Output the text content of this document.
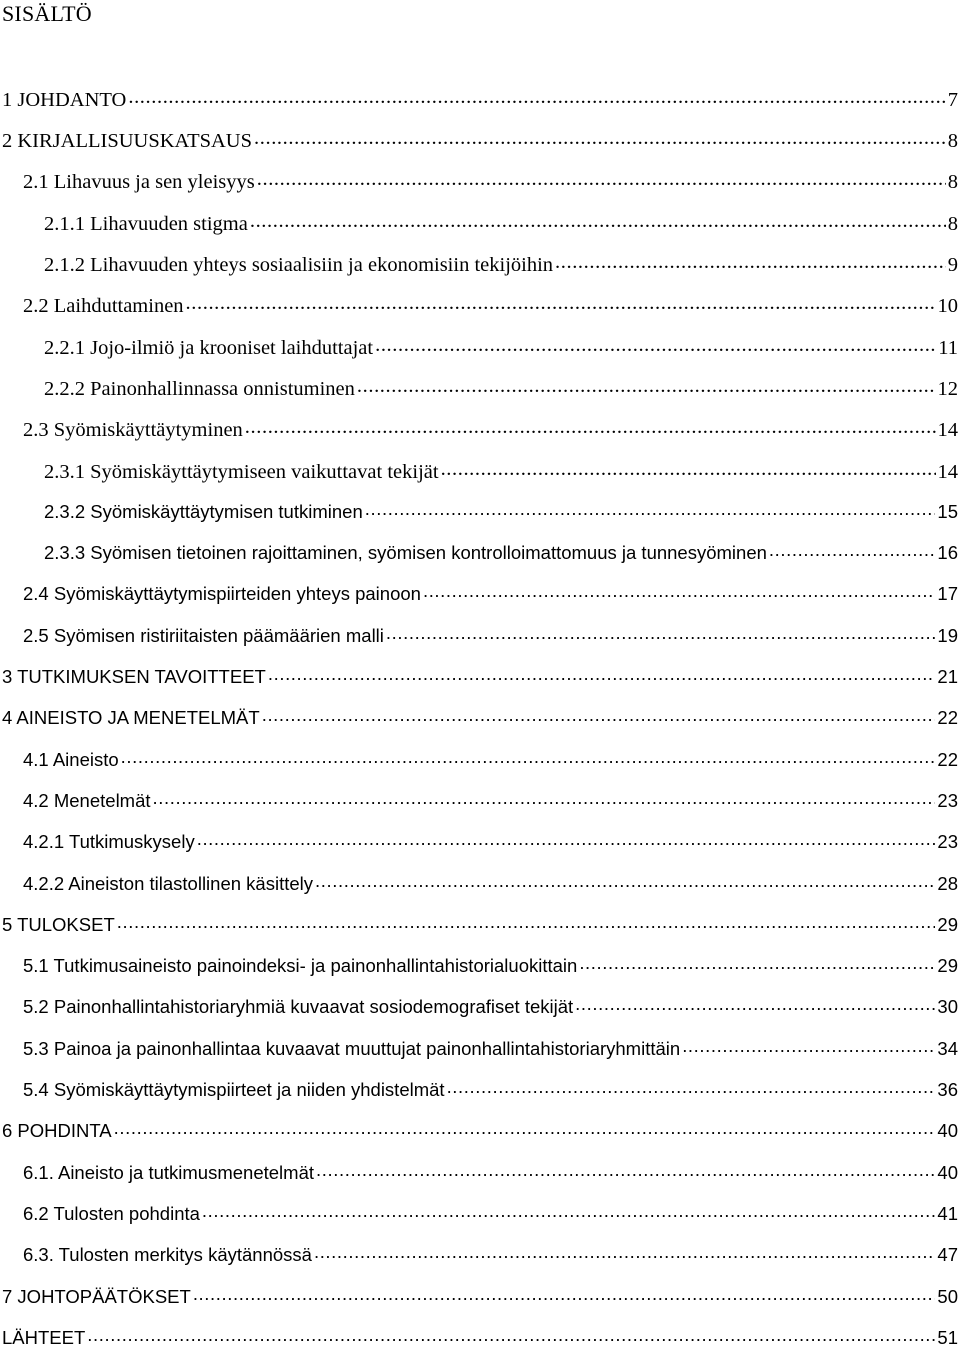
SISÄLTÖ
1 JOHDANTO .....	7
2 KIRJALLISUUSKATSAUS .....	8
2.1 Lihavuus ja sen yleisyys .....	8
2.1.1 Lihavuuden stigma .....	8
2.1.2 Lihavuuden yhteys sosiaalisiin ja ekonomisiin tekijöihin .....	9
2.2 Laihduttaminen .....	10
2.2.1 Jojo-ilmiö ja krooniset laihduttajat .....	11
2.2.2 Painonhallinnassa onnistuminen .....	12
2.3 Syömiskäyttäytyminen .....	14
2.3.1 Syömiskäyttäytymiseen vaikuttavat tekijät .....	14
2.3.2 Syömiskäyttäytymisen tutkiminen .....	15
2.3.3 Syömisen tietoinen rajoittaminen, syömisen kontrolloimattomuus ja tunnesyöminen .....	16
2.4 Syömiskäyttäytymispiirteiden yhteys painoon .....	17
2.5 Syömisen ristiriitaisten päämäärien malli .....	19
3 TUTKIMUKSEN TAVOITTEET .....	21
4 AINEISTO JA MENETELMÄT .....	22
4.1 Aineisto .....	22
4.2 Menetelmät .....	23
4.2.1 Tutkimuskysely .....	23
4.2.2 Aineiston tilastollinen käsittely .....	28
5 TULOKSET .....	29
5.1 Tutkimusaineisto painoindeksi- ja painonhallintahistorialuokittain .....	29
5.2 Painonhallintahistoriaryhmiä kuvaavat sosiodemografiset tekijät .....	30
5.3 Painoa ja painonhallintaa kuvaavat muuttujat painonhallintahistoriaryhmittäin .....	34
5.4 Syömiskäyttäytymispiirteet ja niiden yhdistelmät .....	36
6 POHDINTA .....	40
6.1. Aineisto ja tutkimusmenetelmät .....	40
6.2 Tulosten pohdinta .....	41
6.3. Tulosten merkitys käytännössä .....	47
7 JOHTOPÄÄTÖKSET .....	50
LÄHTEET .....	51
